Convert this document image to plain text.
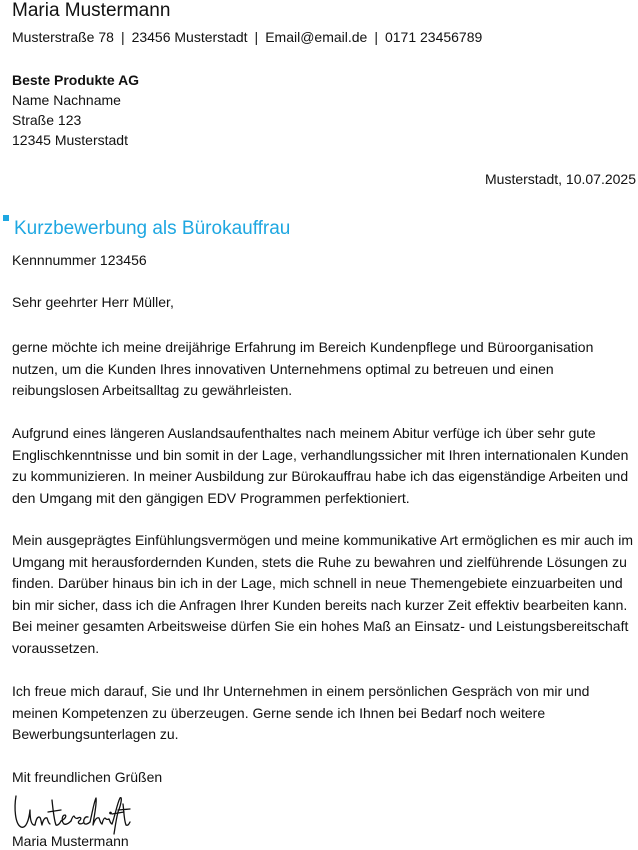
Maria Mustermann
Musterstraße 78 | 23456 Musterstadt | Email@email.de | 0171 23456789
Beste Produkte AG
Name Nachname
Straße 123
12345 Musterstadt
Musterstadt, 10.07.2025
Kurzbewerbung als Bürokauffrau
Kennnummer 123456
Sehr geehrter Herr Müller,
gerne möchte ich meine dreijährige Erfahrung im Bereich Kundenpflege und Büroorganisation nutzen, um die Kunden Ihres innovativen Unternehmens optimal zu betreuen und einen reibungslosen Arbeitsalltag zu gewährleisten.
Aufgrund eines längeren Auslandsaufenthaltes nach meinem Abitur verfüge ich über sehr gute Englischkenntnisse und bin somit in der Lage, verhandlungssicher mit Ihren internationalen Kunden zu kommunizieren. In meiner Ausbildung zur Bürokauffrau habe ich das eigenständige Arbeiten und den Umgang mit den gängigen EDV Programmen perfektioniert.
Mein ausgeprägtes Einfühlungsvermögen und meine kommunikative Art ermöglichen es mir auch im Umgang mit herausfordernden Kunden, stets die Ruhe zu bewahren und zielführende Lösungen zu finden. Darüber hinaus bin ich in der Lage, mich schnell in neue Themengebiete einzuarbeiten und bin mir sicher, dass ich die Anfragen Ihrer Kunden bereits nach kurzer Zeit effektiv bearbeiten kann. Bei meiner gesamten Arbeitsweise dürfen Sie ein hohes Maß an Einsatz- und Leistungsbereitschaft voraussetzen.
Ich freue mich darauf, Sie und Ihr Unternehmen in einem persönlichen Gespräch von mir und meinen Kompetenzen zu überzeugen. Gerne sende ich Ihnen bei Bedarf noch weitere Bewerbungsunterlagen zu.
Mit freundlichen Grüßen
Maria Mustermann
